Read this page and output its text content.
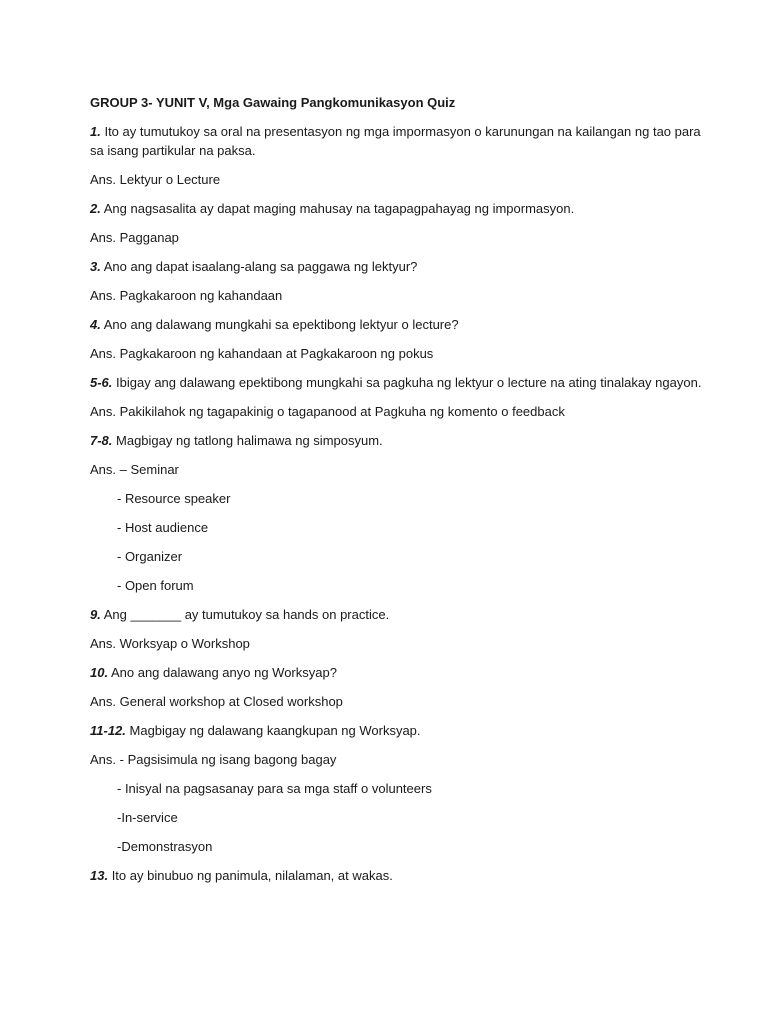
GROUP 3- YUNIT V, Mga Gawaing Pangkomunikasyon Quiz

1. Ito ay tumutukoy sa oral na presentasyon ng mga impormasyon o karunungan na kailangan ng tao para sa isang partikular na paksa.

Ans. Lektyur o Lecture

2. Ang nagsasalita ay dapat maging mahusay na tagapagpahayag ng impormasyon.

Ans. Pagganap

3. Ano ang dapat isaalang-alang sa paggawa ng lektyur?

Ans. Pagkakaroon ng kahandaan

4. Ano ang dalawang mungkahi sa epektibong lektyur o lecture?

Ans. Pagkakaroon ng kahandaan at Pagkakaroon ng pokus

5-6. Ibigay ang dalawang epektibong mungkahi sa pagkuha ng lektyur o lecture na ating tinalakay ngayon.

Ans. Pakikilahok ng tagapakinig o tagapanood at Pagkuha ng komento o feedback

7-8. Magbigay ng tatlong halimawa ng simposyum.

Ans. – Seminar

- Resource speaker

- Host audience

- Organizer

- Open forum

9. Ang _______ ay tumutukoy sa hands on practice.

Ans. Worksyap o Workshop

10. Ano ang dalawang anyo ng Worksyap?

Ans. General workshop at Closed workshop

11-12. Magbigay ng dalawang kaangkupan ng Worksyap.

Ans. - Pagsisimula ng isang bagong bagay

- Inisyal na pagsasanay para sa mga staff o volunteers

-In-service

-Demonstrasyon

13. Ito ay binubuo ng panimula, nilalaman, at wakas.
